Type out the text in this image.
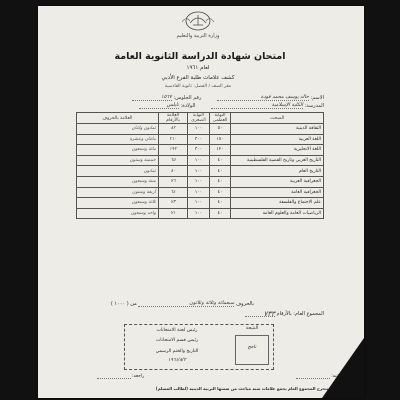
وزارة التربية والتعليم
امتحان شهادة الدراسة الثانوية العامة
لعام ١٩٦١
كشف علامات طلبة الفرع الأدبي
مقر الصف / الفصل: ثانوية القادسية
الاسم: خالد يوسف محمد فودة رقم الجلوس: ١٥٦٧
المدرسة: الكلية الإسلامية الولادة: نابلس
المبحث	النهاية العظمى	النهاية الصغرى	العلامة بالأرقام	العلامة بالحروف
الثقافة الدينية	٥٠	١٠٠	٨٢	ثمانون واثنان
اللغة العربية	١٥٠	٣٠٠	٢١٠	مائتان وعشرة
اللغة الانجليزية	١٢٠	٣٠٠	١٩٢	مائة وتسعون
التاريخ العربي وتاريخ القضية الفلسطينية	٤٠	١٠٠	٦٥	خمسة وستون
التاريخ العام	٤٠	١٠٠	٨٠	ثمانون
الجغرافية العربية	٤٠	١٠٠	٧٦	ستة وسبعون
الجغرافية العامة	٤٠	١٠٠	٦٤	أربعة وستون
علم الاجتماع والفلسفة	٤٠	١٠٠	٧٣	ثلاثة وسبعون
الرياضيات العامة والعلوم العامة	٤٠	١٠٠	٧١	واحد وسبعون
بالحروف سبعمائة وثلاثة وثلاثون من ( ١٠٠٠ )
المجموع العام: بالأرقام ٧٣٣
النتيجة
ناجح
رئيس لجنة الامتحانات
رئيس قسم الامتحانات
التاريخ والختم الرسمي
١٩٦١/٨/٣
كتبه:  راجعه:
ملاحظة: يستخرج المجموع العام بجمع علامات ستة مباحث من ضمنها التربية الدينية (لطالب المسلم)
